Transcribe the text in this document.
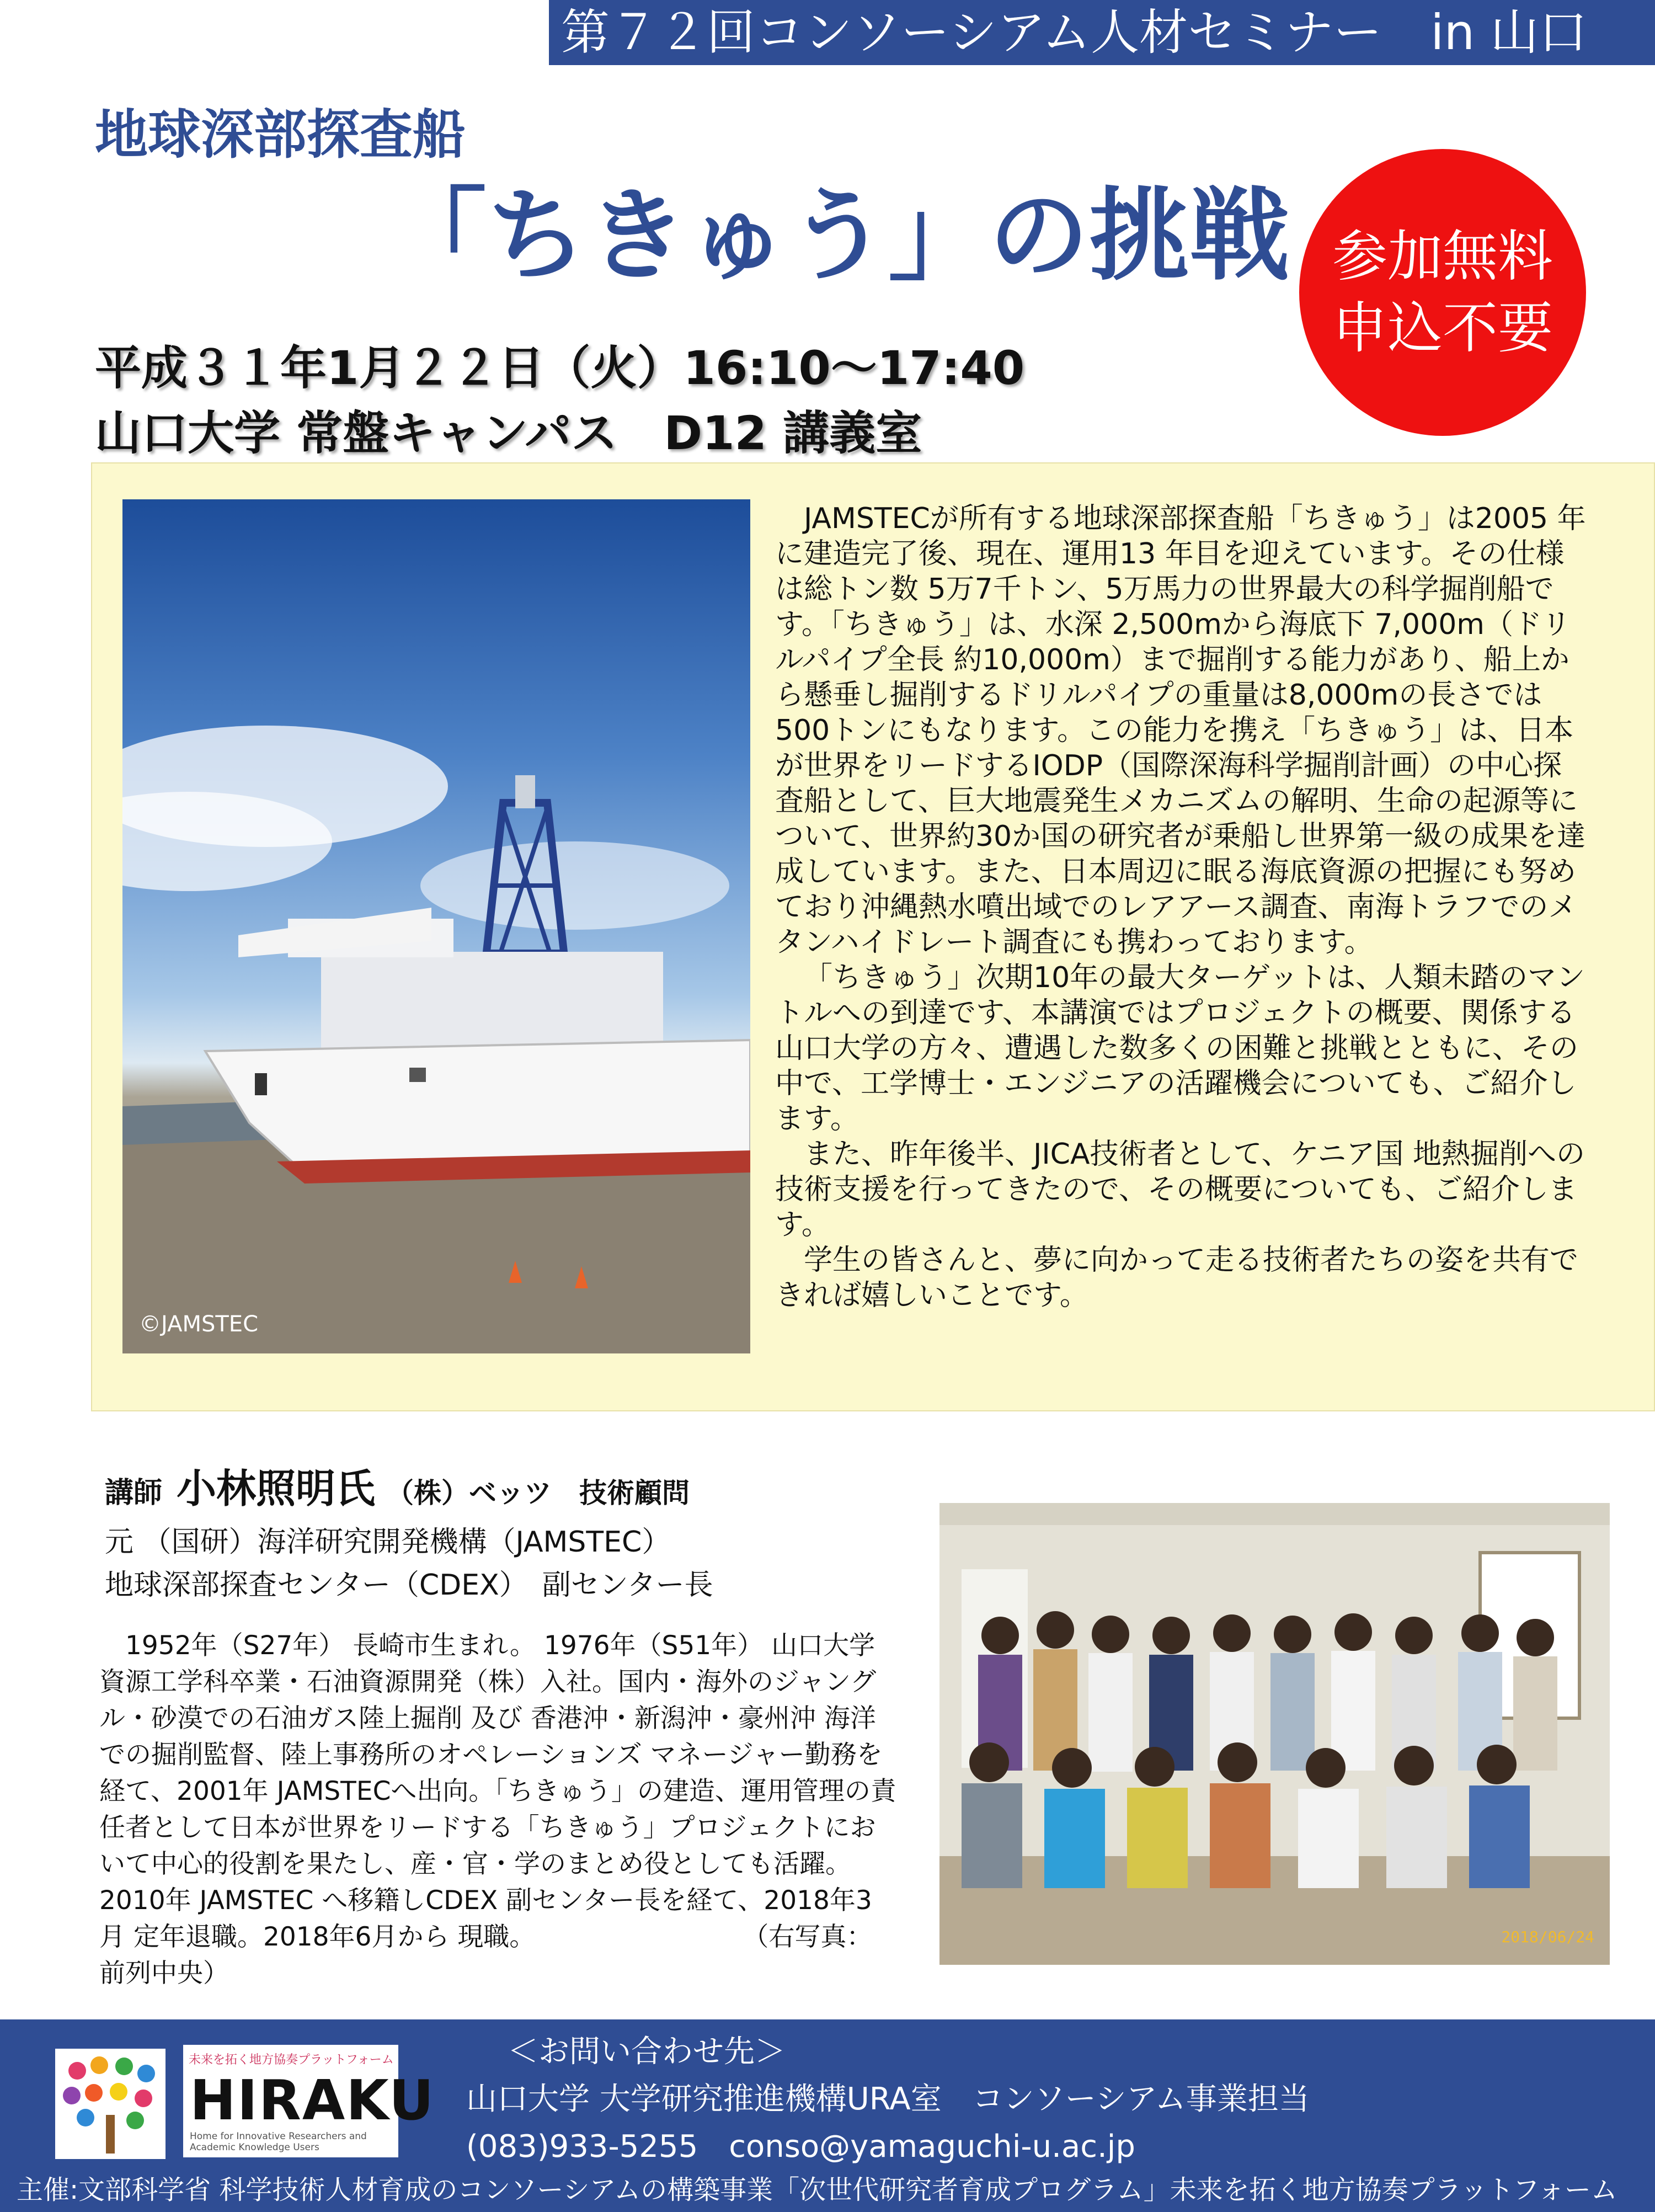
第７２回コンソーシアム人材セミナー　in 山口
地球深部探査船
「ちきゅう」の挑戦 参加無料
申込不要
平成３１年1月２２日（火）16:10～17:40
山口大学 常盤キャンパス　D12 講義室
©JAMSTEC

JAMSTECが所有する地球深部探査船「ちきゅう」は2005 年に建造完了後、現在、運用13 年目を迎えています。その仕様は総トン数 5万7千トン、5万馬力の世界最大の科学掘削船です。「ちきゅう」は、水深 2,500mから海底下 7,000m（ドリルパイプ全長 約10,000m）まで掘削する能力があり、船上から懸垂し掘削するドリルパイプの重量は8,000mの長さでは500トンにもなります。この能力を携え「ちきゅう」は、日本が世界をリードするIODP（国際深海科学掘削計画）の中心探査船として、巨大地震発生メカニズムの解明、生命の起源等について、世界約30か国の研究者が乗船し世界第一級の成果を達成しています。また、日本周辺に眠る海底資源の把握にも努めており沖縄熱水噴出域でのレアアース調査、南海トラフでのメタンハイドレート調査にも携わっております。

「ちきゅう」次期10年の最大ターゲットは、人類未踏のマントルへの到達です、本講演ではプロジェクトの概要、関係する山口大学の方々、遭遇した数多くの困難と挑戦とともに、その中で、工学博士・エンジニアの活躍機会についても、ご紹介します。

また、昨年後半、JICA技術者として、ケニア国 地熱掘削への技術支援を行ってきたので、その概要についても、ご紹介します。

学生の皆さんと、夢に向かって走る技術者たちの姿を共有できれば嬉しいことです。

講師 小林照明氏 （株）ベッツ　技術顧問
元 （国研）海洋研究開発機構（JAMSTEC）
地球深部探査センター（CDEX）　副センター長
1952年（S27年） 長崎市生まれ。 1976年（S51年） 山口大学資源工学科卒業・石油資源開発（株）入社。国内・海外のジャングル・砂漠での石油ガス陸上掘削 及び 香港沖・新潟沖・豪州沖 海洋での掘削監督、陸上事務所のオペレーションズ マネージャー勤務を経て、2001年 JAMSTECへ出向。「ちきゅう」の建造、運用管理の責任者として日本が世界をリードする「ちきゅう」プロジェクトにおいて中心的役割を果たし、産・官・学のまとめ役としても活躍。2010年 JAMSTEC へ移籍しCDEX 副センター長を経て、2018年3月 定年退職。2018年6月から 現職。　　　　　　　　　（右写真：前列中央）
2018/06/24
未来を拓く地方協奏プラットフォーム
HIRAKU
Home for Innovative Researchers and
Academic Knowledge Users
＜お問い合わせ先＞
山口大学 大学研究推進機構URA室　コンソーシアム事業担当
(083)933-5255　conso@yamaguchi-u.ac.jp
主催:文部科学省 科学技術人材育成のコンソーシアムの構築事業「次世代研究者育成プログラム」未来を拓く地方協奏プラットフォーム
